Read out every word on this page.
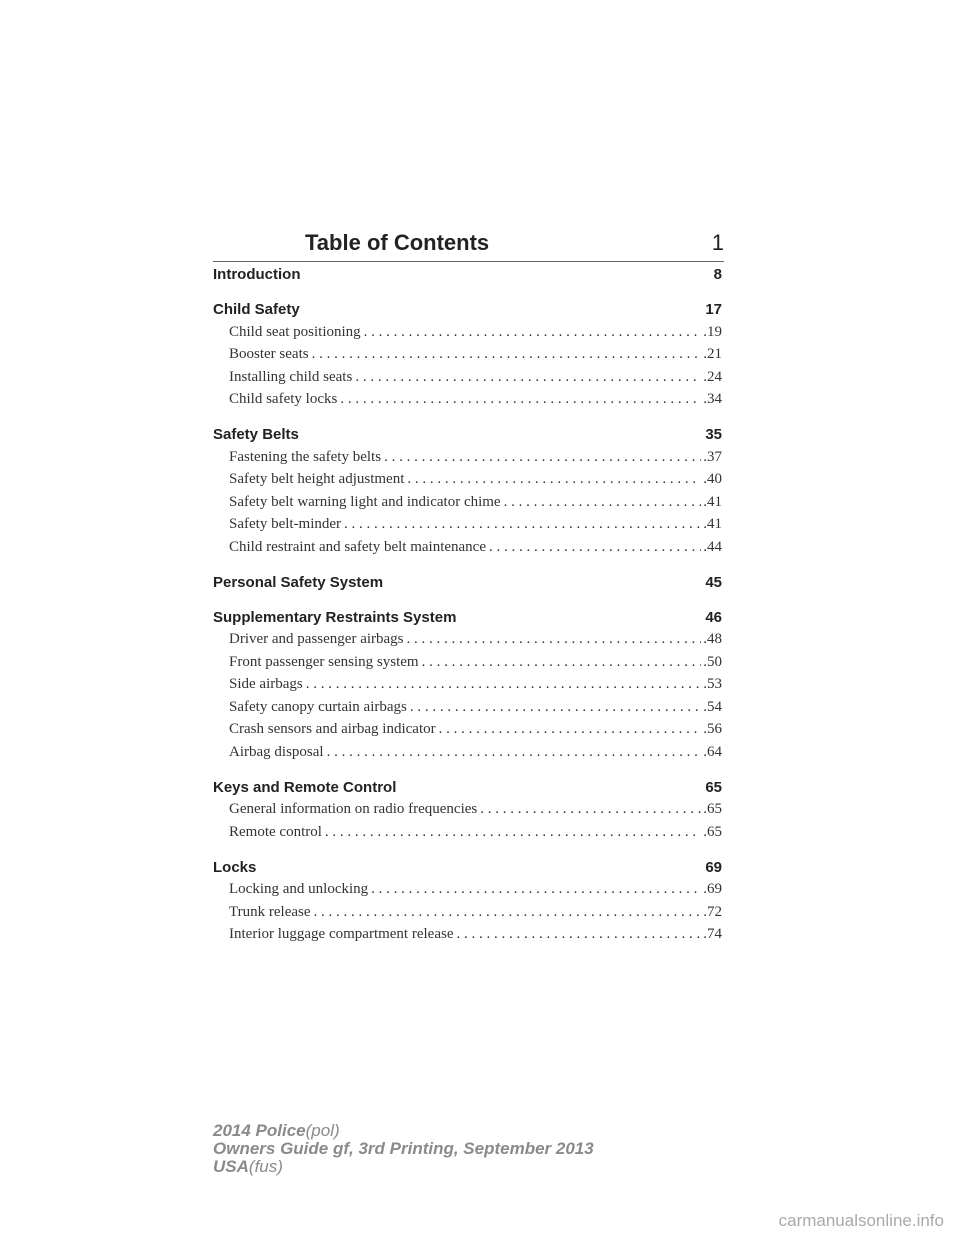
Table of Contents	1
Introduction	8
Child Safety	17
Child seat positioning . . .	.19
Booster seats . . .	.21
Installing child seats . . .	.24
Child safety locks . . .	.34
Safety Belts	35
Fastening the safety belts . . .	.37
Safety belt height adjustment . . .	.40
Safety belt warning light and indicator chime . . .	.41
Safety belt-minder . . .	.41
Child restraint and safety belt maintenance . . .	.44
Personal Safety System	45
Supplementary Restraints System	46
Driver and passenger airbags . . .	.48
Front passenger sensing system . . .	.50
Side airbags . . .	.53
Safety canopy curtain airbags . . .	.54
Crash sensors and airbag indicator . . .	.56
Airbag disposal . . .	.64
Keys and Remote Control	65
General information on radio frequencies . . .	.65
Remote control . . .	.65
Locks	69
Locking and unlocking . . .	.69
Trunk release . . .	.72
Interior luggage compartment release . . .	.74
2014 Police(pol)
Owners Guide gf, 3rd Printing, September 2013
USA(fus)
carmanualsonline.info
